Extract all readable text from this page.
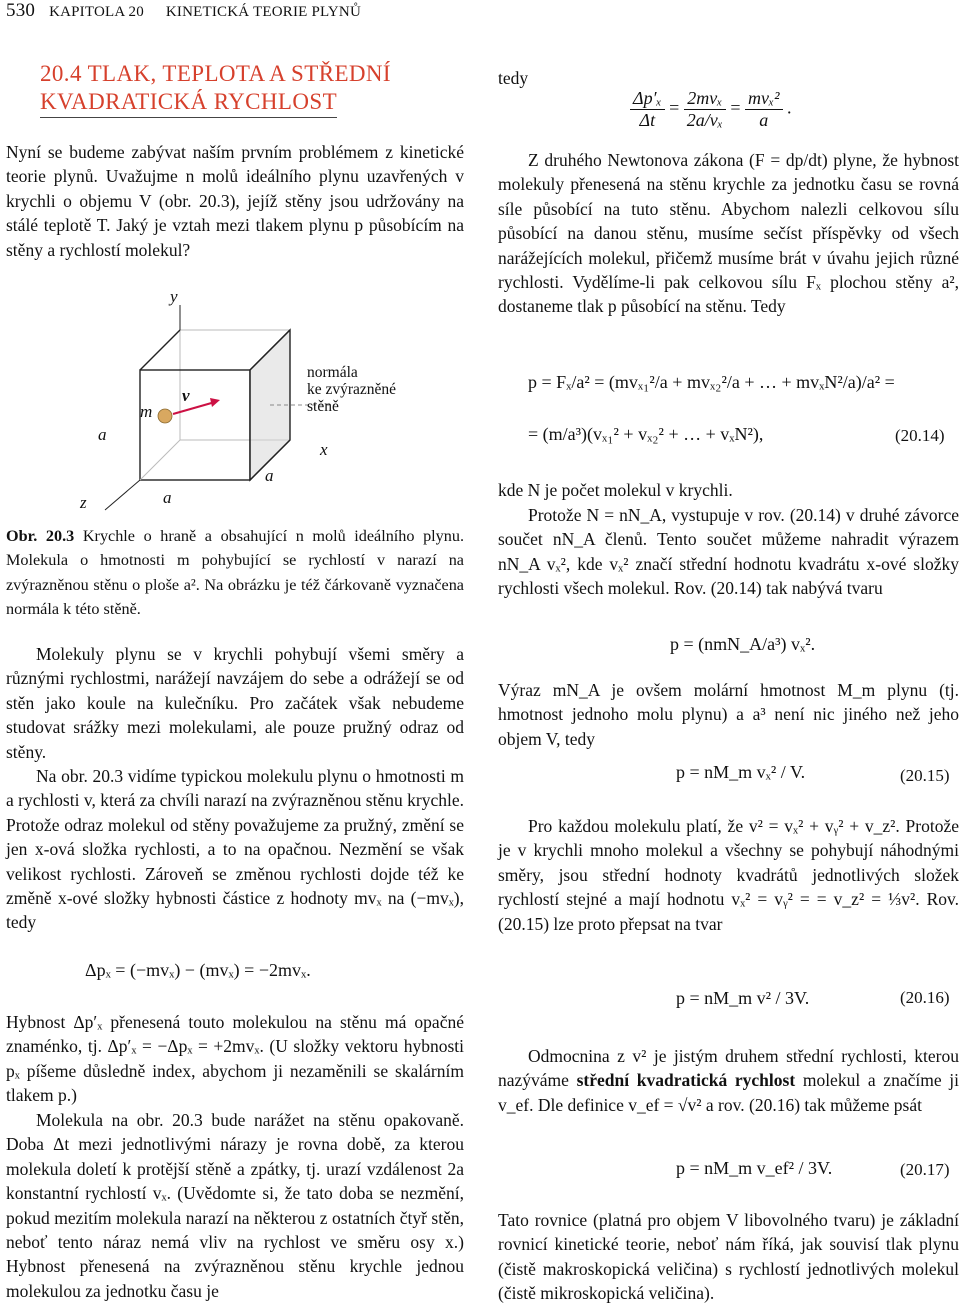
530 KAPITOLA 20 KINETICKÁ TEORIE PLYNŮ
20.4 TLAK, TEPLOTA A STŘEDNÍ
KVADRATICKÁ RYCHLOST

Nyní se budeme zabývat naším prvním problémem z kinetické teorie plynů. Uvažujme n molů ideálního plynu uzavřených v krychli o objemu V (obr. 20.3), jejíž stěny jsou udržovány na stálé teplotě T. Jaký je vztah mezi tlakem plynu p působícím na stěny a rychlostí molekul?

y
x
z
a
a
a
m
v
normála
ke zvýrazněné
stěně

Obr. 20.3 Krychle o hraně a obsahující n molů ideálního plynu. Molekula o hmotnosti m pohybující se rychlostí v narazí na zvýrazněnou stěnu o ploše a². Na obrázku je též čárkovaně vyznačena normála k této stěně.

Molekuly plynu se v krychli pohybují všemi směry a různými rychlostmi, narážejí navzájem do sebe a odrážejí se od stěn jako koule na kulečníku. Pro začátek však nebudeme studovat srážky mezi molekulami, ale pouze pružný odraz od stěny.

Na obr. 20.3 vidíme typickou molekulu plynu o hmotnosti m a rychlosti v, která za chvíli narazí na zvýrazněnou stěnu krychle. Protože odraz molekul od stěny považujeme za pružný, změní se jen x-ová složka rychlosti, a to na opačnou. Nezmění se však velikost rychlosti. Zároveň se změnou rychlosti dojde též ke změně x-ové složky hybnosti částice z hodnoty mvₓ na (−mvₓ), tedy

Δpₓ = (−mvₓ) − (mvₓ) = −2mvₓ.

Hybnost Δp′ₓ přenesená touto molekulou na stěnu má opačné znaménko, tj. Δp′ₓ = −Δpₓ = +2mvₓ. (U složky vektoru hybnosti pₓ píšeme důsledně index, abychom ji nezaměnili se skalárním tlakem p.)

Molekula na obr. 20.3 bude narážet na stěnu opakovaně. Doba Δt mezi jednotlivými nárazy je rovna době, za kterou molekula doletí k protější stěně a zpátky, tj. urazí vzdálenost 2a konstantní rychlostí vₓ. (Uvědomte si, že tato doba se nezmění, pokud mezitím molekula narazí na některou z ostatních čtyř stěn, neboť tento náraz nemá vliv na rychlost ve směru osy x.) Hybnost přenesená na zvýrazněnou stěnu krychle jednou molekulou za jednotku času je

tedy

$\frac{\text{Δp′ₓ}}{\Delta t} = \frac{\text{2mvₓ}}{\text{2a/vₓ}} = \frac{\text{mvₓ²}}{a}$ .

Z druhého Newtonova zákona (F = dp/dt) plyne, že hybnost molekuly přenesená na stěnu krychle za jednotku času se rovná síle působící na tuto stěnu. Abychom nalezli celkovou sílu působící na danou stěnu, musíme sečíst příspěvky od všech narážejících molekul, přičemž musíme brát v úvahu jejich různé rychlosti. Vydělíme-li pak celkovou sílu Fₓ plochou stěny a², dostaneme tlak p působící na stěnu. Tedy

p = Fₓ/a² = (mvₓ₁²/a + mvₓ₂²/a + … + mvₓN²/a)/a² =
= (m/a³)(vₓ₁² + vₓ₂² + … + vₓN²),	(20.14)

kde N je počet molekul v krychli.

Protože N = nN_A, vystupuje v rov. (20.14) v druhé závorce součet nN_A členů. Tento součet můžeme nahradit výrazem nN_A vₓ², kde vₓ² značí střední hodnotu kvadrátu x-ové složky rychlosti všech molekul. Rov. (20.14) tak nabývá tvaru

p = (nmN_A/a³) vₓ².

Výraz mN_A je ovšem molární hmotnost M_m plynu (tj. hmotnost jednoho molu plynu) a a³ není nic jiného než jeho objem V, tedy

p = nM_m vₓ² / V.	(20.15)

Pro každou molekulu platí, že v² = vₓ² + vᵧ² + v_z². Protože je v krychli mnoho molekul a všechny se pohybují náhodnými směry, jsou střední hodnoty kvadrátů jednotlivých složek rychlostí stejné a mají hodnotu vₓ² = vᵧ² = = v_z² = ⅓v². Rov. (20.15) lze proto přepsat na tvar

p = nM_m v² / 3V.	(20.16)

Odmocnina z v² je jistým druhem střední rychlosti, kterou nazýváme střední kvadratická rychlost molekul a značíme ji v_ef. Dle definice v_ef = √v² a rov. (20.16) tak můžeme psát

p = nM_m v_ef² / 3V.	(20.17)

Tato rovnice (platná pro objem V libovolného tvaru) je základní rovnicí kinetické teorie, neboť nám říká, jak souvisí tlak plynu (čistě makroskopická veličina) s rychlostí jednotlivých molekul (čistě mikroskopická veličina).
